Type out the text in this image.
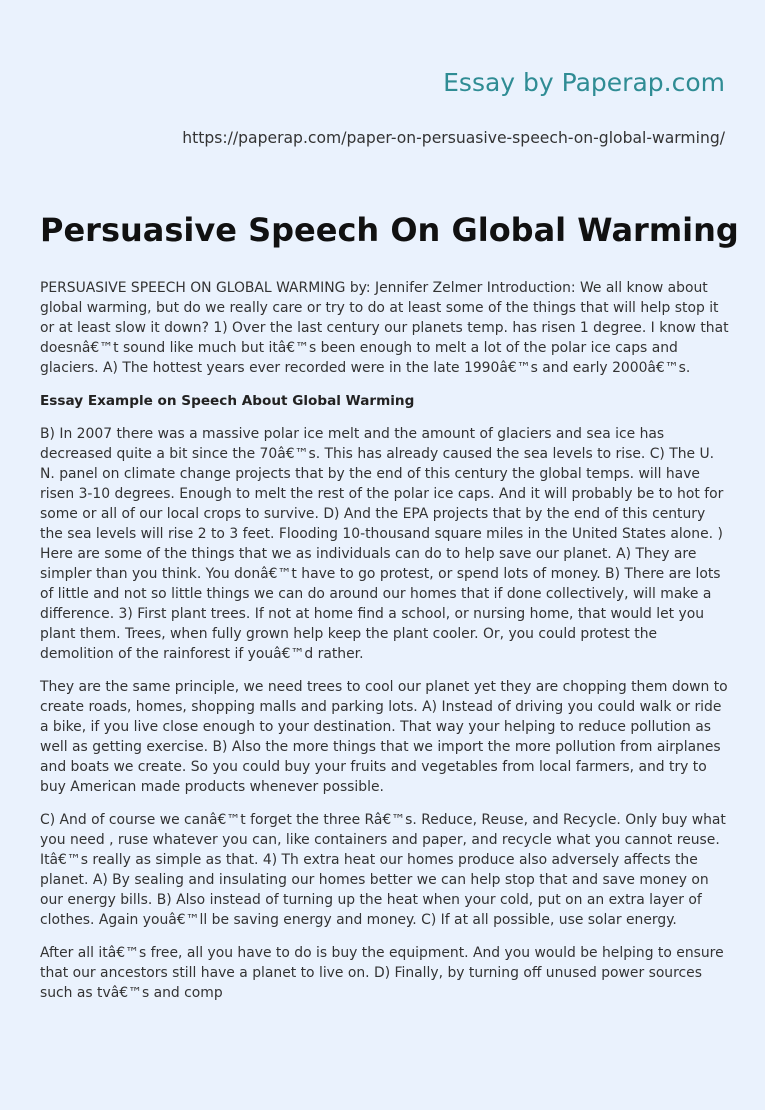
Essay by Paperap.com
https://paperap.com/paper-on-persuasive-speech-on-global-warming/
Persuasive Speech On Global Warming

PERSUASIVE SPEECH ON GLOBAL WARMING by: Jennifer Zelmer Introduction: We all know about global warming, but do we really care or try to do at least some of the things that will help stop it or at least slow it down? 1) Over the last century our planets temp. has risen 1 degree. I know that doesnâ€™t sound like much but itâ€™s been enough to melt a lot of the polar ice caps and glaciers. A) The hottest years ever recorded were in the late 1990â€™s and early 2000â€™s.

Essay Example on Speech About Global Warming

B) In 2007 there was a massive polar ice melt and the amount of glaciers and sea ice has decreased quite a bit since the 70â€™s. This has already caused the sea levels to rise. C) The U. N. panel on climate change projects that by the end of this century the global temps. will have risen 3-10 degrees. Enough to melt the rest of the polar ice caps. And it will probably be to hot for some or all of our local crops to survive. D) And the EPA projects that by the end of this century the sea levels will rise 2 to 3 feet. Flooding 10-thousand square miles in the United States alone. ) Here are some of the things that we as individuals can do to help save our planet. A) They are simpler than you think. You donâ€™t have to go protest, or spend lots of money. B) There are lots of little and not so little things we can do around our homes that if done collectively, will make a difference. 3) First plant trees. If not at home find a school, or nursing home, that would let you plant them. Trees, when fully grown help keep the plant cooler. Or, you could protest the demolition of the rainforest if youâ€™d rather.

They are the same principle, we need trees to cool our planet yet they are chopping them down to create roads, homes, shopping malls and parking lots. A) Instead of driving you could walk or ride a bike, if you live close enough to your destination. That way your helping to reduce pollution as well as getting exercise. B) Also the more things that we import the more pollution from airplanes and boats we create. So you could buy your fruits and vegetables from local farmers, and try to buy American made products whenever possible.

C) And of course we canâ€™t forget the three Râ€™s. Reduce, Reuse, and Recycle. Only buy what you need , ruse whatever you can, like containers and paper, and recycle what you cannot reuse. Itâ€™s really as simple as that. 4) Th extra heat our homes produce also adversely affects the planet. A) By sealing and insulating our homes better we can help stop that and save money on our energy bills. B) Also instead of turning up the heat when your cold, put on an extra layer of clothes. Again youâ€™ll be saving energy and money. C) If at all possible, use solar energy.

After all itâ€™s free, all you have to do is buy the equipment. And you would be helping to ensure that our ancestors still have a planet to live on. D) Finally, by turning off unused power sources such as tvâ€™s and comp
